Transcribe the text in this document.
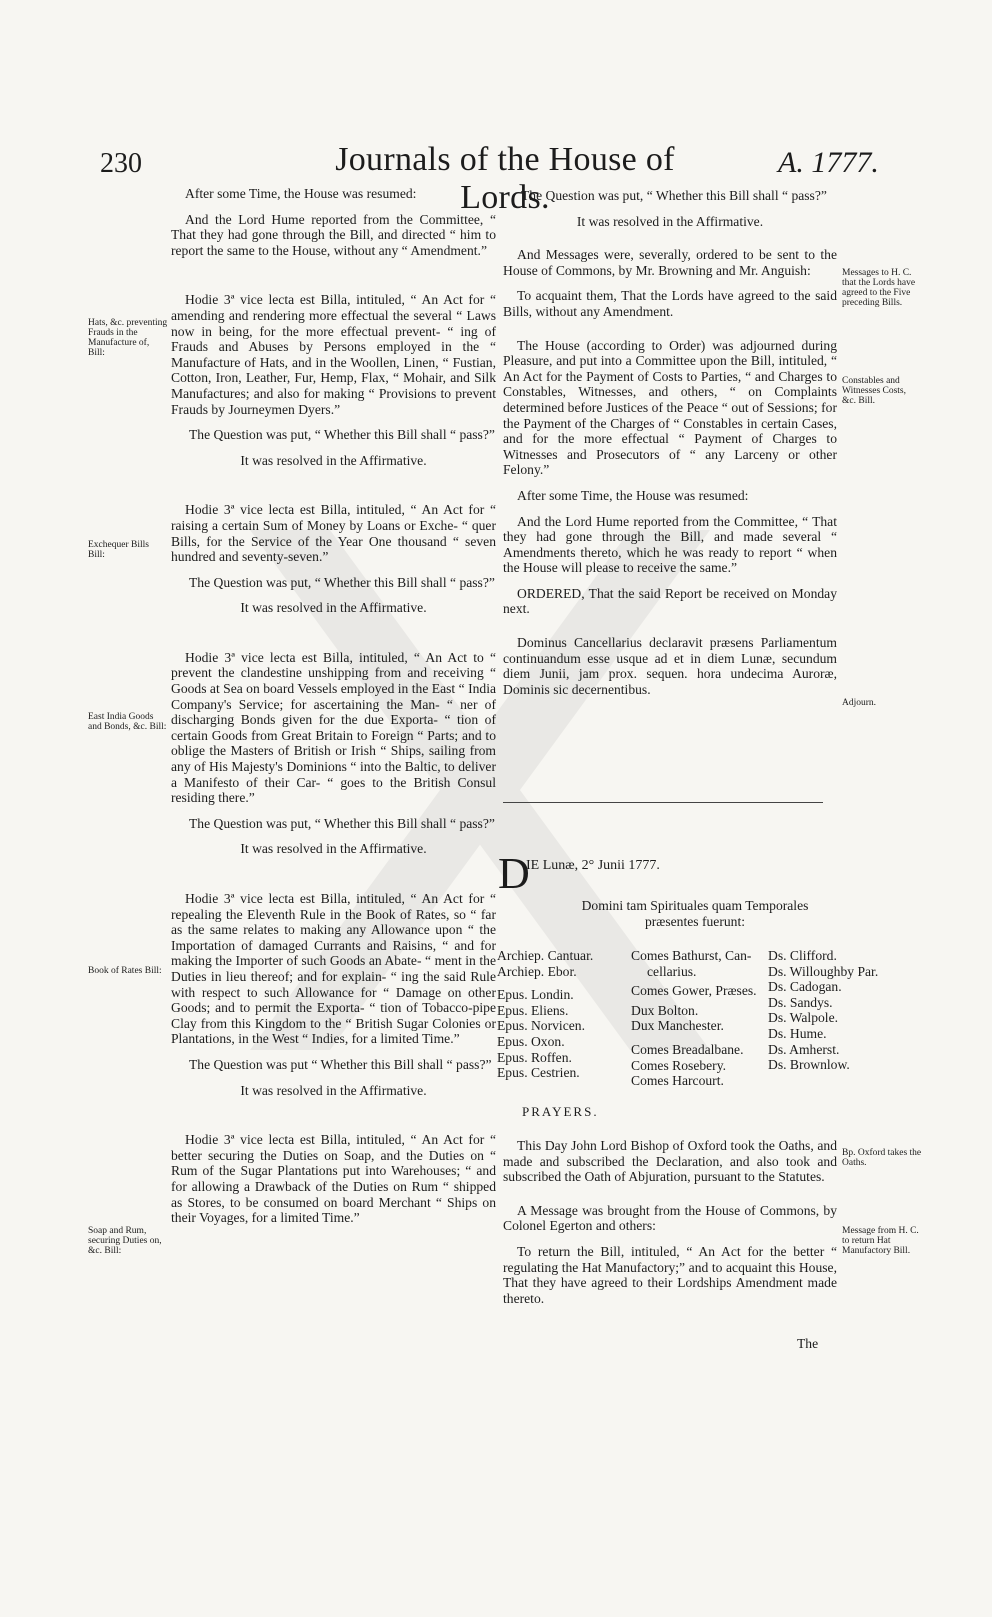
230	Journals of the House of Lords.
A. 1777.
Hats, &c. preventing Frauds in the Manufacture of, Bill:
Exchequer Bills Bill:
East India Goods and Bonds, &c. Bill:
Book of Rates Bill:
Soap and Rum, securing Duties on, &c. Bill:
Messages to H. C. that the Lords have agreed to the Five preceding Bills.
Constables and Witnesses Costs, &c. Bill.
Adjourn.
Bp. Oxford takes the Oaths.
Message from H. C. to return Hat Manufactory Bill.

After some Time, the House was resumed:

And the Lord Hume reported from the Committee, “ That they had gone through the Bill, and directed “ him to report the same to the House, without any “ Amendment.”

Hodie 3ª vice lecta est Billa, intituled, “ An Act for “ amending and rendering more effectual the several “ Laws now in being, for the more effectual prevent- “ ing of Frauds and Abuses by Persons employed in the “ Manufacture of Hats, and in the Woollen, Linen, “ Fustian, Cotton, Iron, Leather, Fur, Hemp, Flax, “ Mohair, and Silk Manufactures; and also for making “ Provisions to prevent Frauds by Journeymen Dyers.”

The Question was put, “ Whether this Bill shall “ pass?”

It was resolved in the Affirmative.

Hodie 3ª vice lecta est Billa, intituled, “ An Act for “ raising a certain Sum of Money by Loans or Exche- “ quer Bills, for the Service of the Year One thousand “ seven hundred and seventy-seven.”

The Question was put, “ Whether this Bill shall “ pass?”

It was resolved in the Affirmative.

Hodie 3ª vice lecta est Billa, intituled, “ An Act to “ prevent the clandestine unshipping from and receiving “ Goods at Sea on board Vessels employed in the East “ India Company's Service; for ascertaining the Man- “ ner of discharging Bonds given for the due Exporta- “ tion of certain Goods from Great Britain to Foreign “ Parts; and to oblige the Masters of British or Irish “ Ships, sailing from any of His Majesty's Dominions “ into the Baltic, to deliver a Manifesto of their Car- “ goes to the British Consul residing there.”

The Question was put, “ Whether this Bill shall “ pass?”

It was resolved in the Affirmative.

Hodie 3ª vice lecta est Billa, intituled, “ An Act for “ repealing the Eleventh Rule in the Book of Rates, so “ far as the same relates to making any Allowance upon “ the Importation of damaged Currants and Raisins, “ and for making the Importer of such Goods an Abate- “ ment in the Duties in lieu thereof; and for explain- “ ing the said Rule with respect to such Allowance for “ Damage on other Goods; and to permit the Exporta- “ tion of Tobacco-pipe Clay from this Kingdom to the “ British Sugar Colonies or Plantations, in the West “ Indies, for a limited Time.”

The Question was put “ Whether this Bill shall “ pass?”

It was resolved in the Affirmative.

Hodie 3ª vice lecta est Billa, intituled, “ An Act for “ better securing the Duties on Soap, and the Duties on “ Rum of the Sugar Plantations put into Warehouses; “ and for allowing a Drawback of the Duties on Rum “ shipped as Stores, to be consumed on board Merchant “ Ships on their Voyages, for a limited Time.”

The Question was put, “ Whether this Bill shall “ pass?”

It was resolved in the Affirmative.

And Messages were, severally, ordered to be sent to the House of Commons, by Mr. Browning and Mr. Anguish:

To acquaint them, That the Lords have agreed to the said Bills, without any Amendment.

The House (according to Order) was adjourned during Pleasure, and put into a Committee upon the Bill, intituled, “ An Act for the Payment of Costs to Parties, “ and Charges to Constables, Witnesses, and others, “ on Complaints determined before Justices of the Peace “ out of Sessions; for the Payment of the Charges of “ Constables in certain Cases, and for the more effectual “ Payment of Charges to Witnesses and Prosecutors of “ any Larceny or other Felony.”

After some Time, the House was resumed:

And the Lord Hume reported from the Committee, “ That they had gone through the Bill, and made several “ Amendments thereto, which he was ready to report “ when the House will please to receive the same.”

ORDERED, That the said Report be received on Monday next.

Dominus Cancellarius declaravit præsens Parliamentum continuandum esse usque ad et in diem Lunæ, secundum diem Junii, jam prox. sequen. hora undecima Auroræ, Dominis sic decernentibus.

D
IE Lunæ, 2° Junii 1777.
Domini tam Spirituales quam Temporales præsentes fuerunt:
Archiep. Cantuar.
Archiep. Ebor.
Epus. Londin.
Epus. Eliens.
Epus. Norvicen.
Epus. Oxon.
Epus. Roffen.
Epus. Cestrien.
Comes Bathurst, Can-
cellarius.
Comes Gower, Præses.
Dux Bolton.
Dux Manchester.
Comes Breadalbane.
Comes Rosebery.
Comes Harcourt.
Ds. Clifford.
Ds. Willoughby Par.
Ds. Cadogan.
Ds. Sandys.
Ds. Walpole.
Ds. Hume.
Ds. Amherst.
Ds. Brownlow.
PRAYERS.

This Day John Lord Bishop of Oxford took the Oaths, and made and subscribed the Declaration, and also took and subscribed the Oath of Abjuration, pursuant to the Statutes.

A Message was brought from the House of Commons, by Colonel Egerton and others:

To return the Bill, intituled, “ An Act for the better “ regulating the Hat Manufactory;” and to acquaint this House, That they have agreed to their Lordships Amendment made thereto.

The
